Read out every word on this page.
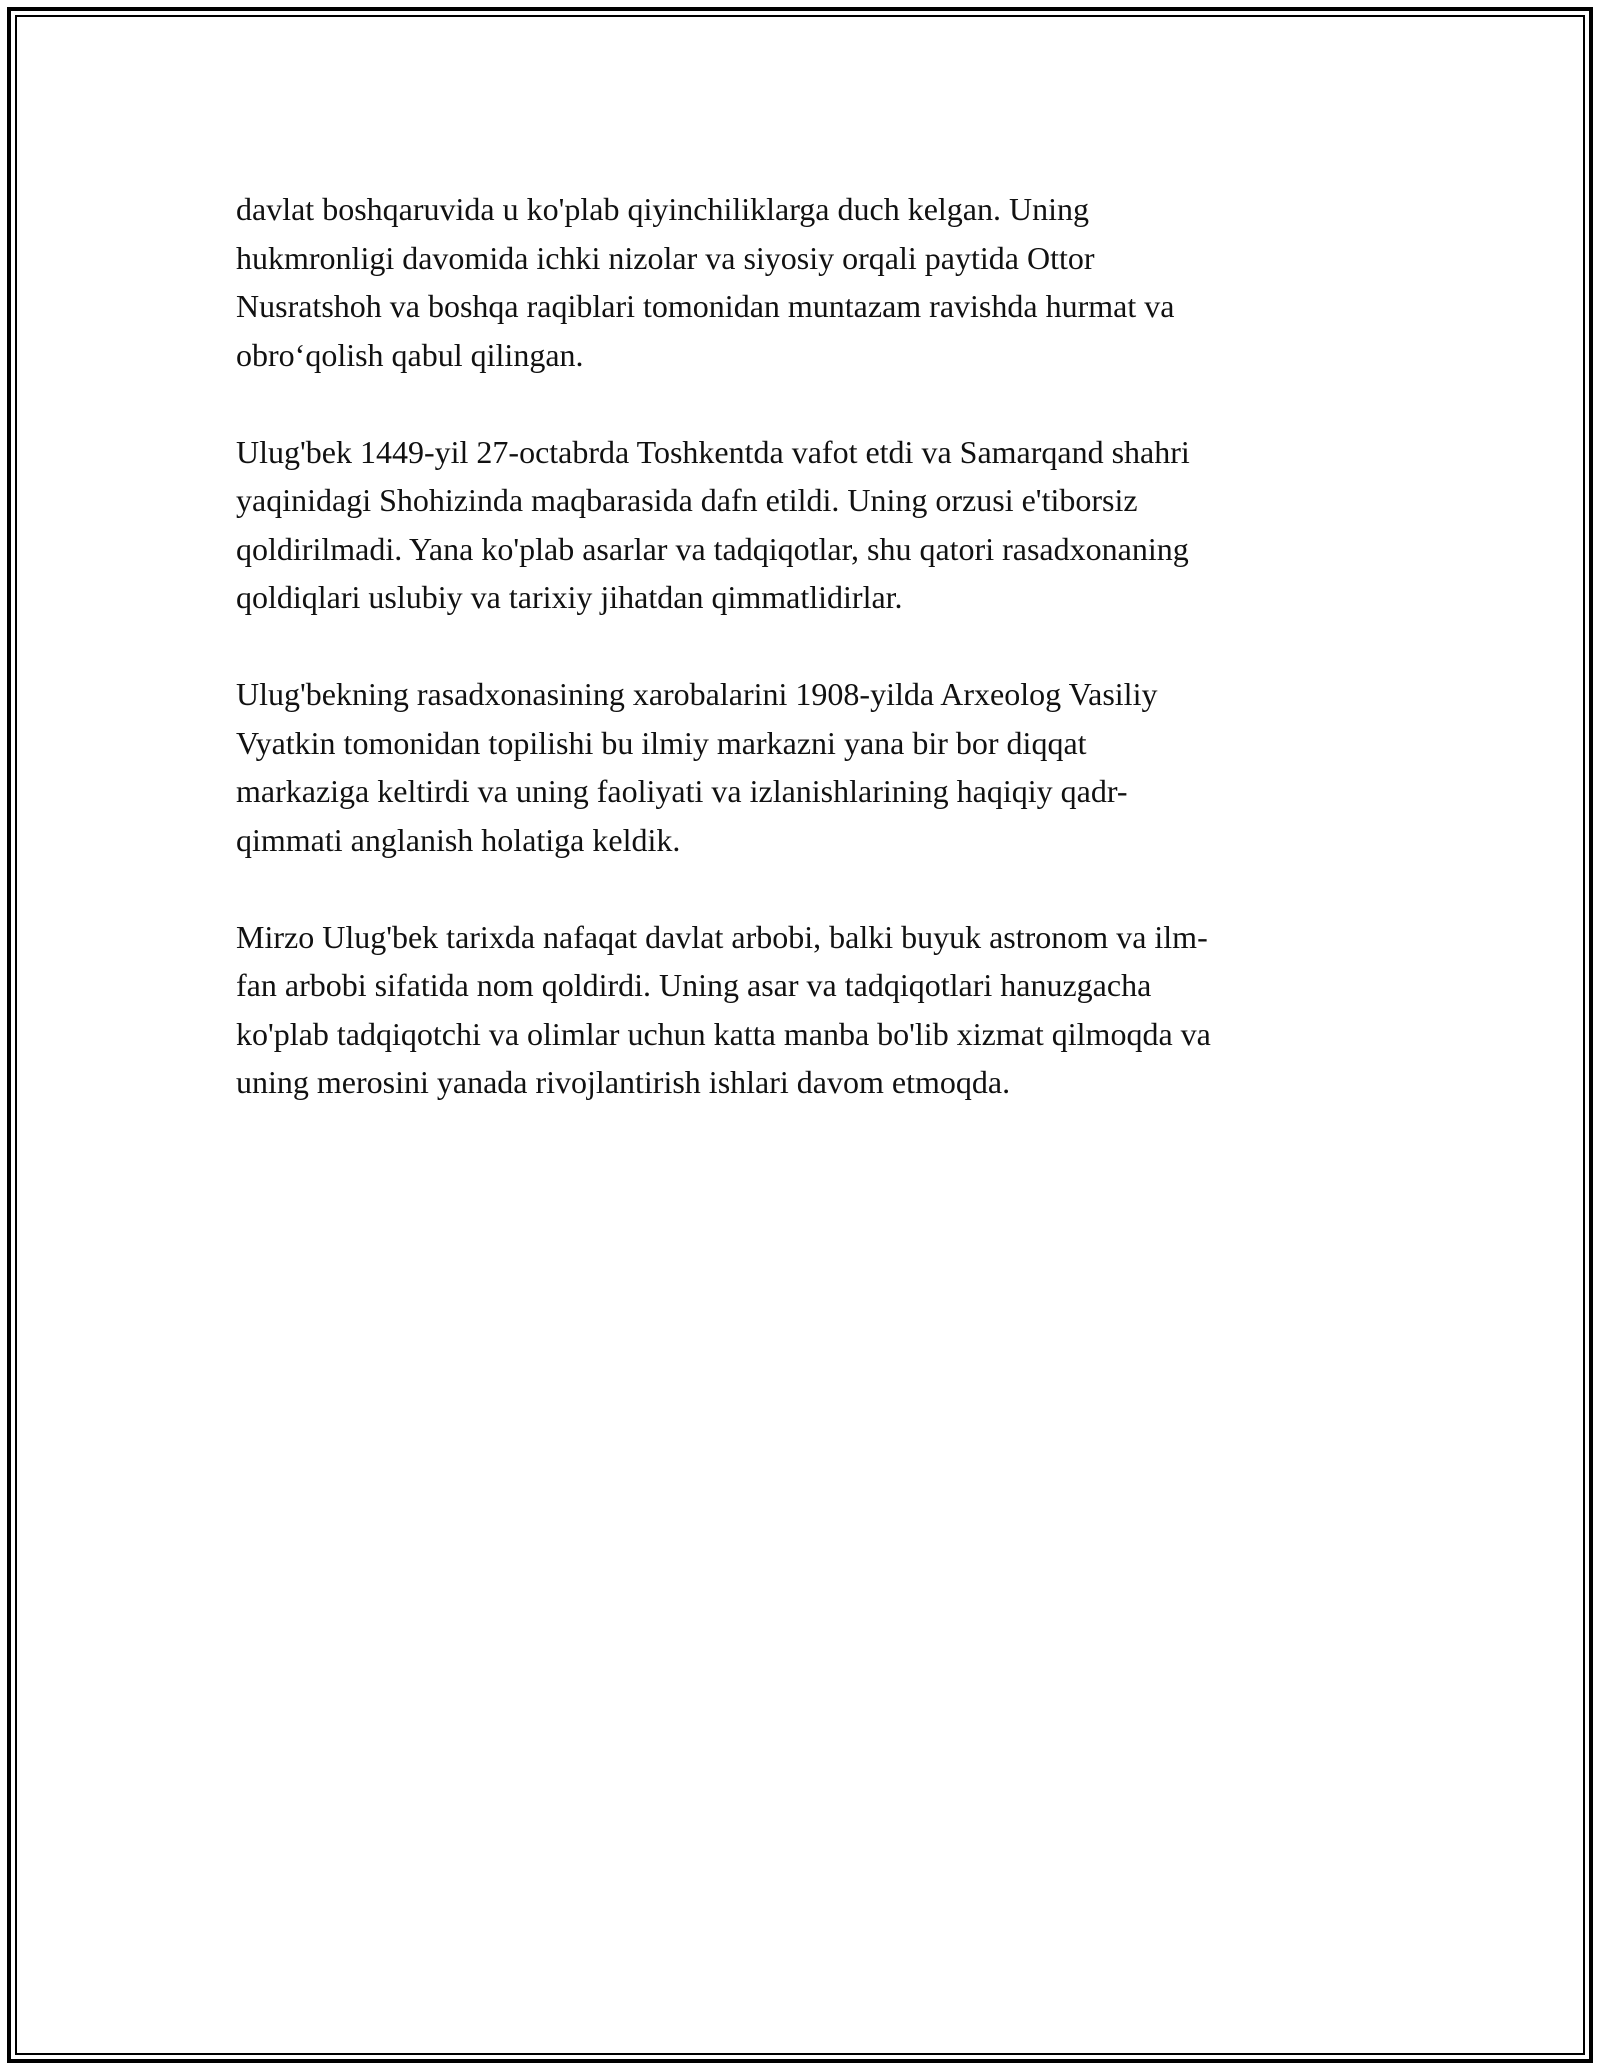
davlat boshqaruvida u ko'plab qiyinchiliklarga duch kelgan. Uning
hukmronligi davomida ichki nizolar va siyosiy orqali paytida Ottor
Nusratshoh va boshqa raqiblari tomonidan muntazam ravishda hurmat va
obro‘qolish qabul qilingan.

Ulug'bek 1449-yil 27-octabrda Toshkentda vafot etdi va Samarqand shahri
yaqinidagi Shohizinda maqbarasida dafn etildi. Uning orzusi e'tiborsiz
qoldirilmadi. Yana ko'plab asarlar va tadqiqotlar, shu qatori rasadxonaning
qoldiqlari uslubiy va tarixiy jihatdan qimmatlidirlar.

Ulug'bekning rasadxonasining xarobalarini 1908-yilda Arxeolog Vasiliy
Vyatkin tomonidan topilishi bu ilmiy markazni yana bir bor diqqat
markaziga keltirdi va uning faoliyati va izlanishlarining haqiqiy qadr-
qimmati anglanish holatiga keldik.

Mirzo Ulug'bek tarixda nafaqat davlat arbobi, balki buyuk astronom va ilm-
fan arbobi sifatida nom qoldirdi. Uning asar va tadqiqotlari hanuzgacha
ko'plab tadqiqotchi va olimlar uchun katta manba bo'lib xizmat qilmoqda va
uning merosini yanada rivojlantirish ishlari davom etmoqda.
